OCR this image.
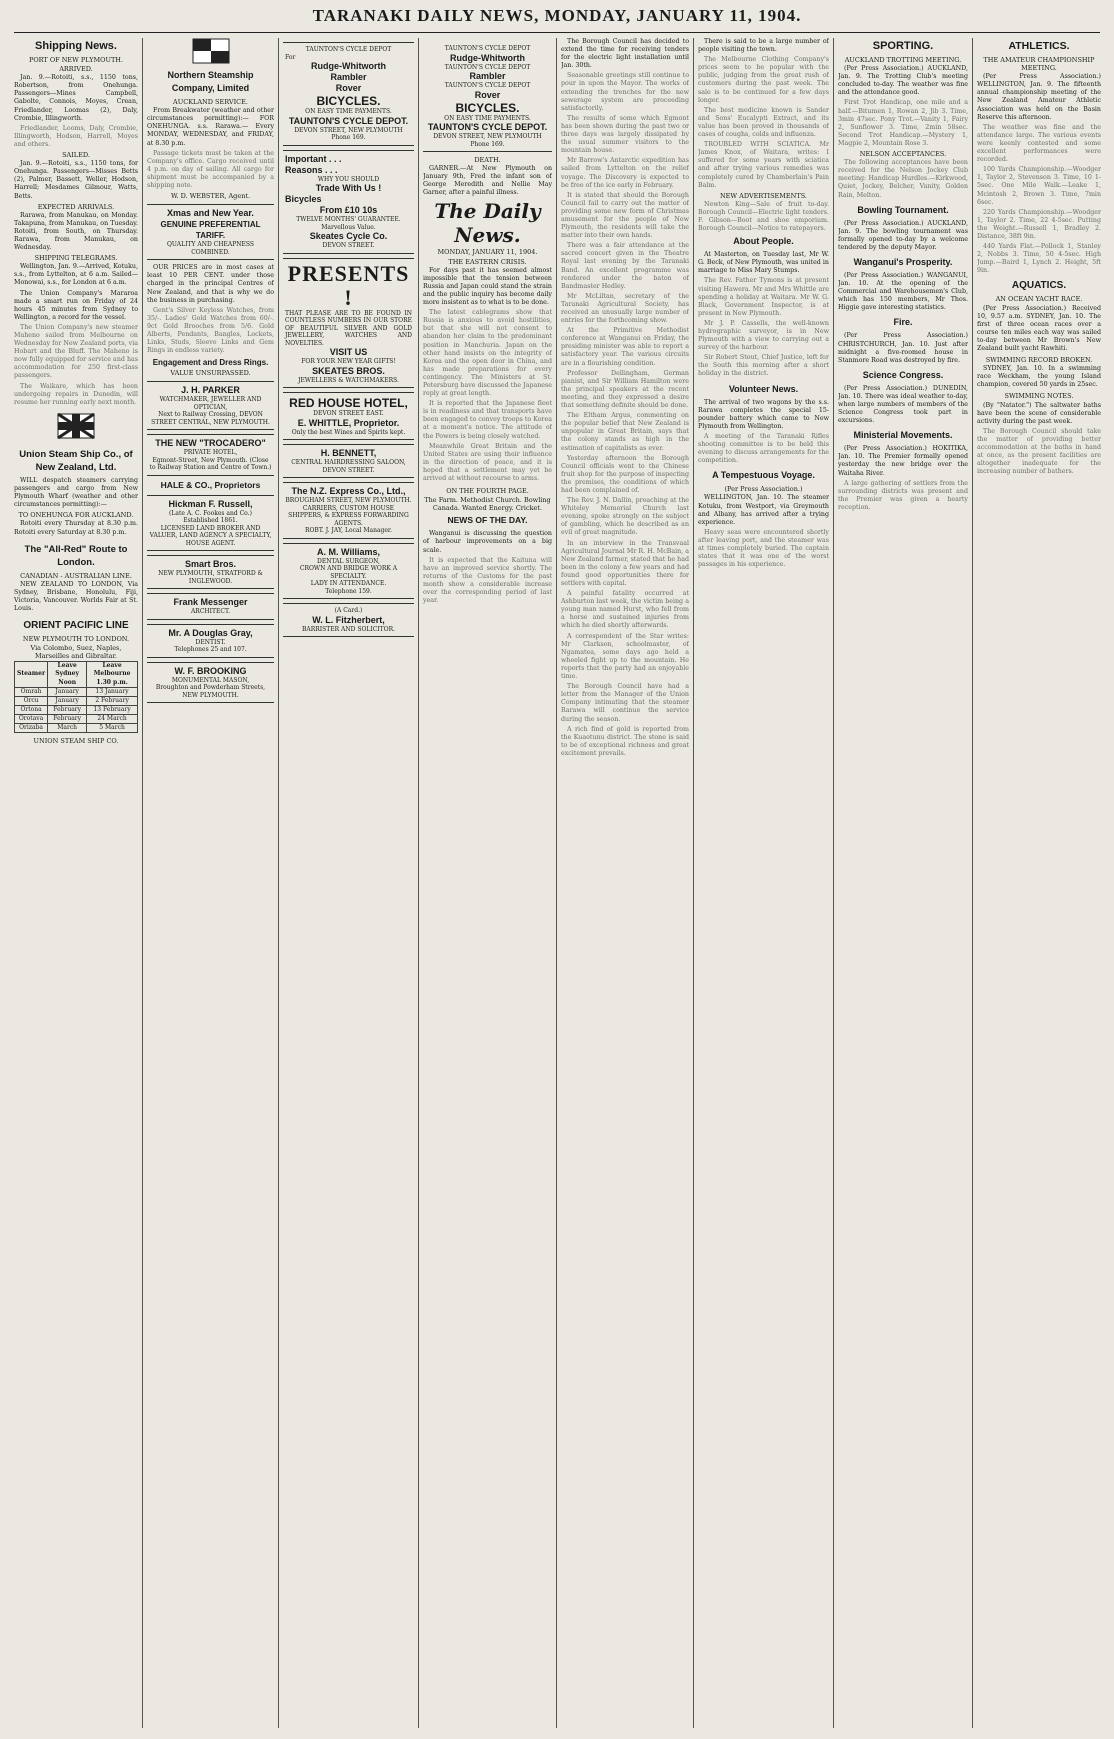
TARANAKI DAILY NEWS, MONDAY, JANUARY 11, 1904.
Shipping News.
PORT OF NEW PLYMOUTH.
ARRIVED.

Jan. 9.—Rotoiti, s.s., 1150 tons, Robertson, from Onehunga. Passengers—Mines Campbell, Gabolte, Connois, Moyes, Crean, Friedlander, Loomas (2), Daly, Crombie, Illingworth.

Friedlander, Looms, Daly, Crombie, Illingworth, Hodson, Harrell, Moyes and others.

SAILED.

Jan. 9.—Rotoiti, s.s., 1150 tons, for Onehunga. Passengers—Misses Betts (2), Palmer, Bassett, Weller, Hodson, Harrell; Mesdames Gilmour, Watts, Betts.

EXPECTED ARRIVALS.

Rarawa, from Manukau, on Monday. Takapuna, from Manukau, on Tuesday. Rotoiti, from South, on Thursday. Rarawa, from Manukau, on Wednesday.

SHIPPING TELEGRAMS.

Wellington, Jan. 9.—Arrived, Kotuku, s.s., from Lyttelton, at 6 a.m. Sailed—Monowai, s.s., for London at 6 a.m.

The Union Company's Mararoa made a smart run on Friday of 24 hours 45 minutes from Sydney to Wellington, a record for the vessel.

The Union Company's new steamer Maheno sailed from Melbourne on Wednesday for New Zealand ports, via Hobart and the Bluff. The Maheno is now fully equipped for service and has accommodation for 250 first-class passengers.

The Waikare, which has been undergoing repairs in Dunedin, will resume her running early next month.

Union Steam Ship Co., of New Zealand, Ltd.

WILL despatch steamers carrying passengers and cargo from New Plymouth Wharf (weather and other circumstances permitting):—

TO ONEHUNGA FOR AUCKLAND.

Rotoiti every Thursday at 8.30 p.m. Rotoiti every Saturday at 8.30 p.m.

The "All-Red" Route to London.
CANADIAN - AUSTRALIAN LINE.

NEW ZEALAND TO LONDON, Via Sydney, Brisbane, Honolulu, Fiji, Victoria, Vancouver. Worlds Fair at St. Louis.

ORIENT PACIFIC LINE
NEW PLYMOUTH TO LONDON.
Via Colombo, Suez, Naples, Marseilles and Gibraltar.
Steamer	Leave Sydney Noon	Leave Melbourne 1.30 p.m.
Omrah	January	13 January
Orcu	January	2 February
Ortona	February	13 February
Orotava	February	24 March
Orizaba	March	5 March
UNION STEAM SHIP CO.
Northern Steamship Company, Limited
AUCKLAND SERVICE.

From Breakwater (weather and other circumstances permitting):— FOR ONEHUNGA. s.s. Rarawa.— Every MONDAY, WEDNESDAY, and FRIDAY, at 8.30 p.m.

Passage tickets must be taken at the Company's office. Cargo received until 4 p.m. on day of sailing. All cargo for shipment must be accompanied by a shipping note.

W. D. WEBSTER, Agent.
Xmas and New Year.
GENUINE PREFERENTIAL TARIFF.
QUALITY AND CHEAPNESS COMBINED.

OUR PRICES are in most cases at least 10 PER CENT. under those charged in the principal Centres of New Zealand, and that is why we do the business in purchasing.

Gent's Silver Keyless Watches, from 35/-. Ladies' Gold Watches from 60/-. 9ct Gold Brooches from 5/6. Gold Alberts, Pendants, Bangles, Lockets, Links, Studs, Sleeve Links and Gem Rings in endless variety.

Engagement and Dress Rings.
VALUE UNSURPASSED.
J. H. PARKER
WATCHMAKER, JEWELLER AND OPTICIAN,
Next to Railway Crossing, DEVON STREET CENTRAL, NEW PLYMOUTH.
THE NEW "TROCADERO"
PRIVATE HOTEL,
Egmont-Street, New Plymouth. (Close to Railway Station and Centre of Town.)
HALE & CO., Proprietors
Hickman F. Russell,
(Late A. C. Fookes and Co.)
Established 1861.
LICENSED LAND BROKER AND VALUER, LAND AGENCY A SPECIALTY, HOUSE AGENT.
Smart Bros.
NEW PLYMOUTH, STRATFORD & INGLEWOOD.
Frank Messenger
ARCHITECT.
Mr. A Douglas Gray,
DENTIST.
Telephones 25 and 107.
W. F. BROOKING
MONUMENTAL MASON,
Broughton and Powderham Streets, NEW PLYMOUTH.
TAUNTON'S CYCLE DEPOT
For
Rudge-Whitworth
Rambler
Rover
BICYCLES.
ON EASY TIME PAYMENTS.
TAUNTON'S CYCLE DEPOT.
DEVON STREET, NEW PLYMOUTH
Phone 169.
Important . . .
Reasons . . .
WHY YOU SHOULD
Trade With Us !
Bicycles
From £10 10s
TWELVE MONTHS' GUARANTEE.
Marvellous Value.
Skeates Cycle Co.
DEVON STREET.
PRESENTS !
THAT PLEASE ARE TO BE FOUND IN COUNTLESS NUMBERS IN OUR STORE OF BEAUTIFUL SILVER AND GOLD JEWELLERY, WATCHES AND NOVELTIES.
VISIT US
FOR YOUR NEW YEAR GIFTS!
SKEATES BROS.
JEWELLERS & WATCHMAKERS.
RED HOUSE HOTEL,
DEVON STREET EAST.
E. WHITTLE, Proprietor.
Only the best Wines and Spirits kept.
H. BENNETT,
CENTRAL HAIRDRESSING SALOON, DEVON STREET.
The N.Z. Express Co., Ltd.,
BROUGHAM STREET, NEW PLYMOUTH.
CARRIERS, CUSTOM HOUSE SHIPPERS, & EXPRESS FORWARDING AGENTS.
ROBT. J. JAY, Local Manager.
A. M. Williams,
DENTAL SURGEON,
CROWN AND BRIDGE WORK A SPECIALTY.
LADY IN ATTENDANCE.
Telephone 159.
(A Card.)
W. L. Fitzherbert,
BARRISTER AND SOLICITOR.
TAUNTON'S CYCLE DEPOT
Rudge-Whitworth
TAUNTON'S CYCLE DEPOT
Rambler
TAUNTON'S CYCLE DEPOT
Rover
BICYCLES.
ON EASY TIME PAYMENTS.
TAUNTON'S CYCLE DEPOT.
DEVON STREET, NEW PLYMOUTH
Phone 169.
DEATH.

GARNER.—At New Plymouth on January 9th, Fred the infant son of George Meredith and Nellie May Garner, after a painful illness.

The Daily News.
MONDAY, JANUARY 11, 1904.
THE EASTERN CRISIS.

For days past it has seemed almost impossible that the tension between Russia and Japan could stand the strain and the public inquiry has become daily more insistent as to what is to be done.

The latest cablegrams show that Russia is anxious to avoid hostilities, but that she will not consent to abandon her claim to the predominant position in Manchuria. Japan on the other hand insists on the integrity of Korea and the open door in China, and has made preparations for every contingency. The Ministers at St. Petersburg have discussed the Japanese reply at great length.

It is reported that the Japanese fleet is in readiness and that transports have been engaged to convey troops to Korea at a moment's notice. The attitude of the Powers is being closely watched.

Meanwhile Great Britain and the United States are using their influence in the direction of peace, and it is hoped that a settlement may yet be arrived at without recourse to arms.

ON THE FOURTH PAGE.
The Farm. Methodist Church. Bowling Canada. Wanted Energy. Cricket.
NEWS OF THE DAY.

Wanganui is discussing the question of harbour improvements on a big scale.

It is expected that the Kaituna will have an improved service shortly. The returns of the Customs for the past month show a considerable increase over the corresponding period of last year.

The Borough Council has decided to extend the time for receiving tenders for the electric light installation until Jan. 30th.

Seasonable greetings still continue to pour in upon the Mayor. The works of extending the trenches for the new sewerage system are proceeding satisfactorily.

The results of some which Egmont has been shown during the past two or three days was largely dissipated by the usual summer visitors to the mountain house.

Mr Barrow's Antarctic expedition has sailed from Lyttelton on the relief voyage. The Discovery is expected to be free of the ice early in February.

It is stated that should the Borough Council fail to carry out the matter of providing some new form of Christmas amusement for the people of New Plymouth, the residents will take the matter into their own hands.

There was a fair attendance at the sacred concert given in the Theatre Royal last evening by the Taranaki Band. An excellent programme was rendered under the baton of Bandmaster Hedley.

Mr McLiltan, secretary of the Taranaki Agricultural Society, has received an unusually large number of entries for the forthcoming show.

At the Primitive Methodist conference at Wanganui on Friday, the presiding minister was able to report a satisfactory year. The various circuits are in a flourishing condition.

Professor Dellingham, German pianist, and Sir William Hamilton were the principal speakers at the recent meeting, and they expressed a desire that something definite should be done.

The Eltham Argus, commenting on the popular belief that New Zealand is unpopular in Great Britain, says that the colony stands as high in the estimation of capitalists as ever.

Yesterday afternoon the Borough Council officials went to the Chinese fruit shop for the purpose of inspecting the premises, the conditions of which had been complained of.

The Rev. J. N. Dallin, preaching at the Whiteley Memorial Church last evening, spoke strongly on the subject of gambling, which he described as an evil of great magnitude.

In an interview in the Transvaal Agricultural Journal Mr R. H. McBain, a New Zealand farmer, stated that he had been in the colony a few years and had found good opportunities there for settlers with capital.

A painful fatality occurred at Ashburton last week, the victim being a young man named Hurst, who fell from a horse and sustained injuries from which he died shortly afterwards.

A correspondent of the Star writes: Mr Clarkson, schoolmaster, of Ngamatea, some days ago held a wheeled fight up to the mountain. He reports that the party had an enjoyable time.

The Borough Council have had a letter from the Manager of the Union Company intimating that the steamer Rarawa will continue the service during the season.

A rich find of gold is reported from the Kuaotunu district. The stone is said to be of exceptional richness and great excitement prevails.

There is said to be a large number of people visiting the town.

The Melbourne Clothing Company's prices seem to be popular with the public, judging from the great rush of customers during the past week. The sale is to be continued for a few days longer.

The best medicine known is Sander and Sons' Eucalypti Extract, and its value has been proved in thousands of cases of coughs, colds and influenza.

TROUBLED WITH SCIATICA. Mr James Knox, of Waitara, writes: I suffered for some years with sciatica and after trying various remedies was completely cured by Chamberlain's Pain Balm.

NEW ADVERTISEMENTS.

Newton King—Sale of fruit to-day. Borough Council—Electric light tenders. F. Gibson—Boot and shoe emporium. Borough Council—Notice to ratepayers.

About People.

At Masterton, on Tuesday last, Mr W. G. Beck, of New Plymouth, was united in marriage to Miss Mary Stumps.

The Rev. Father Tymons is at present visiting Hawera. Mr and Mrs Whittle are spending a holiday at Waitara. Mr W. G. Black, Government Inspector, is at present in New Plymouth.

Mr J. P. Cassells, the well-known hydrographic surveyor, is in New Plymouth with a view to carrying out a survey of the harbour.

Sir Robert Stout, Chief Justice, left for the South this morning after a short holiday in the district.

Volunteer News.

The arrival of two wagons by the s.s. Rarawa completes the special 15-pounder battery which came to New Plymouth from Wellington.

A meeting of the Taranaki Rifles shooting committee is to be held this evening to discuss arrangements for the competition.

A Tempestuous Voyage.
(Per Press Association.)

WELLINGTON, Jan. 10. The steamer Kotuku, from Westport, via Greymouth and Albany, has arrived after a trying experience.

Heavy seas were encountered shortly after leaving port, and the steamer was at times completely buried. The captain states that it was one of the worst passages in his experience.

SPORTING.
AUCKLAND TROTTING MEETING.

(Per Press Association.) AUCKLAND, Jan. 9. The Trotting Club's meeting concluded to-day. The weather was fine and the attendance good.

First Trot Handicap, one mile and a half.—Bitumen 1, Rowan 2, Jib 3. Time, 3min 47sec. Pony Trot.—Vanity 1, Fairy 2, Sunflower 3. Time, 2min 58sec. Second Trot Handicap.—Mystery 1, Magpie 2, Mountain Rose 3.

NELSON ACCEPTANCES.

The following acceptances have been received for the Nelson Jockey Club meeting: Handicap Hurdles.—Kirkwood, Quiet, Jockey, Belcher, Vanity, Golden Rain, Melton.

Bowling Tournament.

(Per Press Association.) AUCKLAND, Jan. 9. The bowling tournament was formally opened to-day by a welcome tendered by the deputy Mayor.

Wanganui's Prosperity.

(Per Press Association.) WANGANUI, Jan. 10. At the opening of the Commercial and Warehousemen's Club, which has 150 members, Mr Thos. Higgie gave interesting statistics.

Fire.

(Per Press Association.) CHRISTCHURCH, Jan. 10. Just after midnight a five-roomed house in Stanmore Road was destroyed by fire.

Science Congress.

(Per Press Association.) DUNEDIN, Jan. 10. There was ideal weather to-day, when large numbers of members of the Science Congress took part in excursions.

Ministerial Movements.

(Per Press Association.) HOKITIKA, Jan. 10. The Premier formally opened yesterday the new bridge over the Waitaha River.

A large gathering of settlers from the surrounding districts was present and the Premier was given a hearty reception.

ATHLETICS.
THE AMATEUR CHAMPIONSHIP MEETING.

(Per Press Association.) WELLINGTON, Jan. 9. The fifteenth annual championship meeting of the New Zealand Amateur Athletic Association was held on the Basin Reserve this afternoon.

The weather was fine and the attendance large. The various events were keenly contested and some excellent performances were recorded.

100 Yards Championship.—Woodger 1, Taylor 2, Stevenson 3. Time, 10 1-5sec. One Mile Walk.—Leake 1, Mcintosh 2, Brown 3. Time, 7min 6sec.

220 Yards Championship.—Woodger 1, Taylor 2. Time, 22 4-5sec. Putting the Weight.—Russell 1, Bradley 2. Distance, 38ft 9in.

440 Yards Flat.—Pollock 1, Stanley 2, Nobbs 3. Time, 50 4-5sec. High Jump.—Baird 1, Lynch 2. Height, 5ft 9in.

AQUATICS.
AN OCEAN YACHT RACE.

(Per Press Association.) Received 10, 9.57 a.m. SYDNEY, Jan. 10. The first of three ocean races over a course ten miles each way was sailed to-day between Mr Brown's New Zealand built yacht Rawhiti.

SWIMMING RECORD BROKEN.

SYDNEY, Jan. 10. In a swimming race Weckham, the young Island champion, covered 50 yards in 25sec.

SWIMMING NOTES.

(By "Natator.") The saltwater baths have been the scene of considerable activity during the past week.

The Borough Council should take the matter of providing better accommodation at the baths in hand at once, as the present facilities are altogether inadequate for the increasing number of bathers.
